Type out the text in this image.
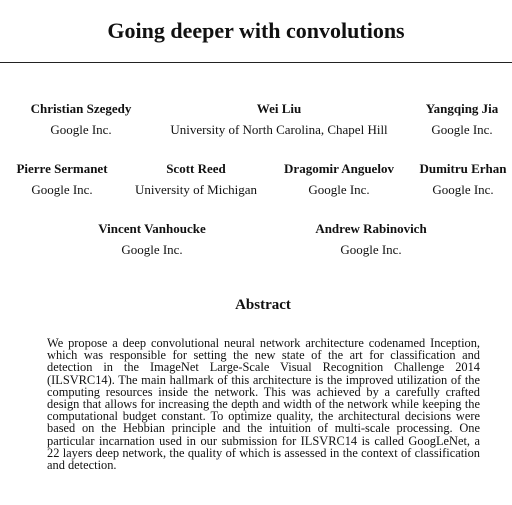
Going deeper with convolutions
Christian Szegedy
Google Inc.
Wei Liu
University of North Carolina, Chapel Hill
Yangqing Jia
Google Inc.
Pierre Sermanet
Google Inc.
Scott Reed
University of Michigan
Dragomir Anguelov
Google Inc.
Dumitru Erhan
Google Inc.
Vincent Vanhoucke
Google Inc.
Andrew Rabinovich
Google Inc.
Abstract
We propose a deep convolutional neural network architecture codenamed Inception, which was responsible for setting the new state of the art for classification and detection in the ImageNet Large-Scale Visual Recognition Challenge 2014 (ILSVRC14). The main hallmark of this architecture is the improved utilization of the computing resources inside the network. This was achieved by a carefully crafted design that allows for increasing the depth and width of the network while keeping the computational budget constant. To optimize quality, the architectural decisions were based on the Hebbian principle and the intuition of multi-scale processing. One particular incarnation used in our submission for ILSVRC14 is called GoogLeNet, a 22 layers deep network, the quality of which is assessed in the context of classification and detection.
